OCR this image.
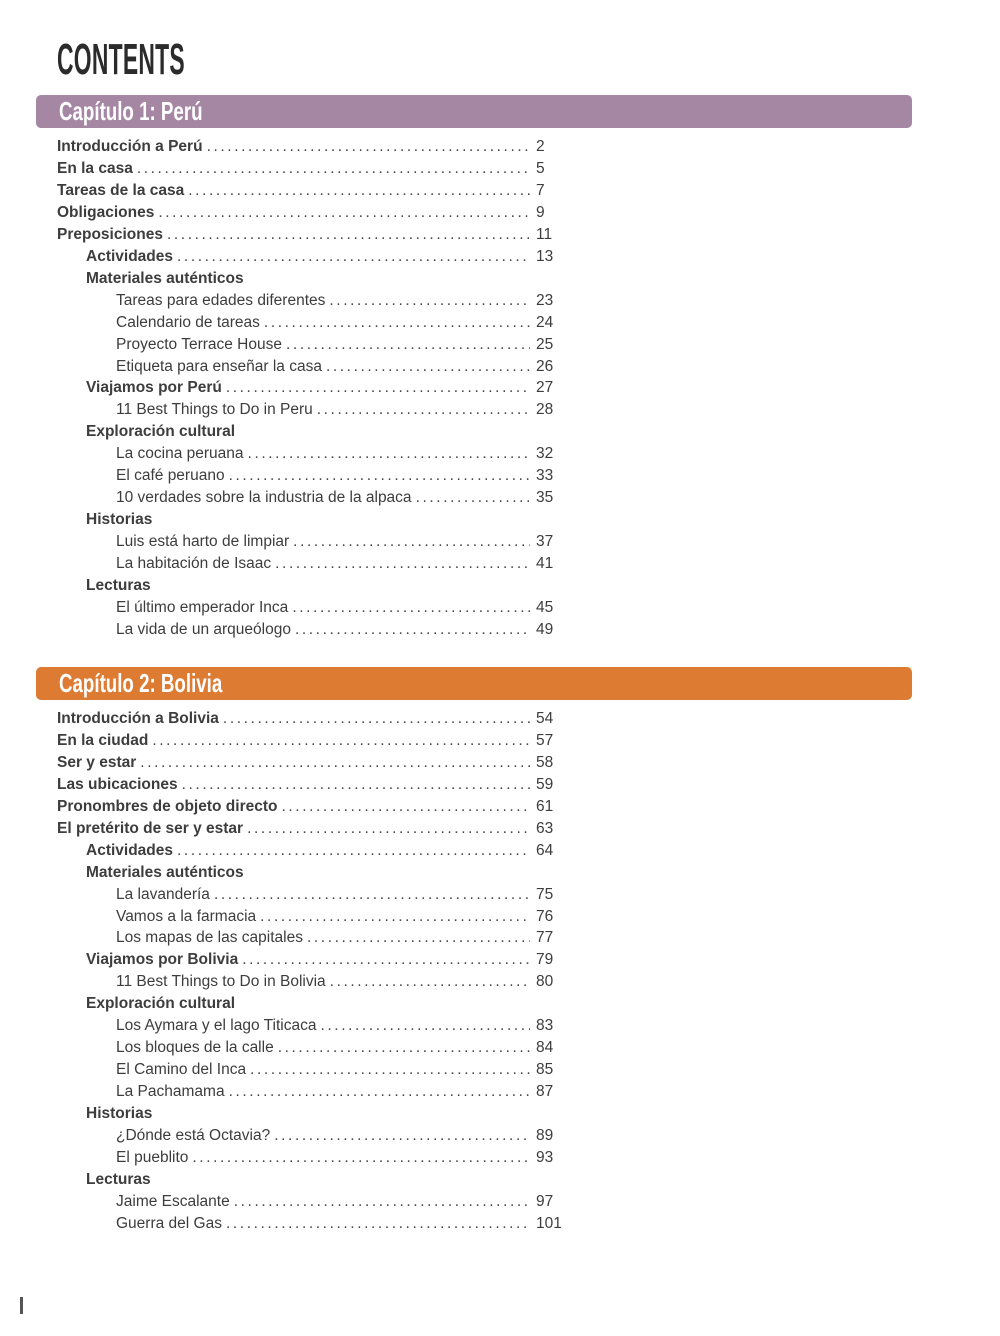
CONTENTS
Capítulo 1: Perú
Introducción a Perú .....	2
En la casa .....	5
Tareas de la casa .....	7
Obligaciones .....	9
Preposiciones .....	11
Actividades .....	13
Materiales auténticos
Tareas para edades diferentes .....	23
Calendario de tareas .....	24
Proyecto Terrace House .....	25
Etiqueta para enseñar la casa .....	26
Viajamos por Perú .....	27
11 Best Things to Do in Peru .....	28
Exploración cultural
La cocina peruana .....	32
El café peruano .....	33
10 verdades sobre la industria de la alpaca .....	35
Historias
Luis está harto de limpiar .....	37
La habitación de Isaac .....	41
Lecturas
El último emperador Inca .....	45
La vida de un arqueólogo .....	49
Capítulo 2: Bolivia
Introducción a Bolivia .....	54
En la ciudad .....	57
Ser y estar .....	58
Las ubicaciones .....	59
Pronombres de objeto directo .....	61
El pretérito de ser y estar .....	63
Actividades .....	64
Materiales auténticos
La lavandería .....	75
Vamos a la farmacia .....	76
Los mapas de las capitales .....	77
Viajamos por Bolivia .....	79
11 Best Things to Do in Bolivia .....	80
Exploración cultural
Los Aymara y el lago Titicaca .....	83
Los bloques de la calle .....	84
El Camino del Inca .....	85
La Pachamama .....	87
Historias
¿Dónde está Octavia? .....	89
El pueblito .....	93
Lecturas
Jaime Escalante .....	97
Guerra del Gas .....	101
